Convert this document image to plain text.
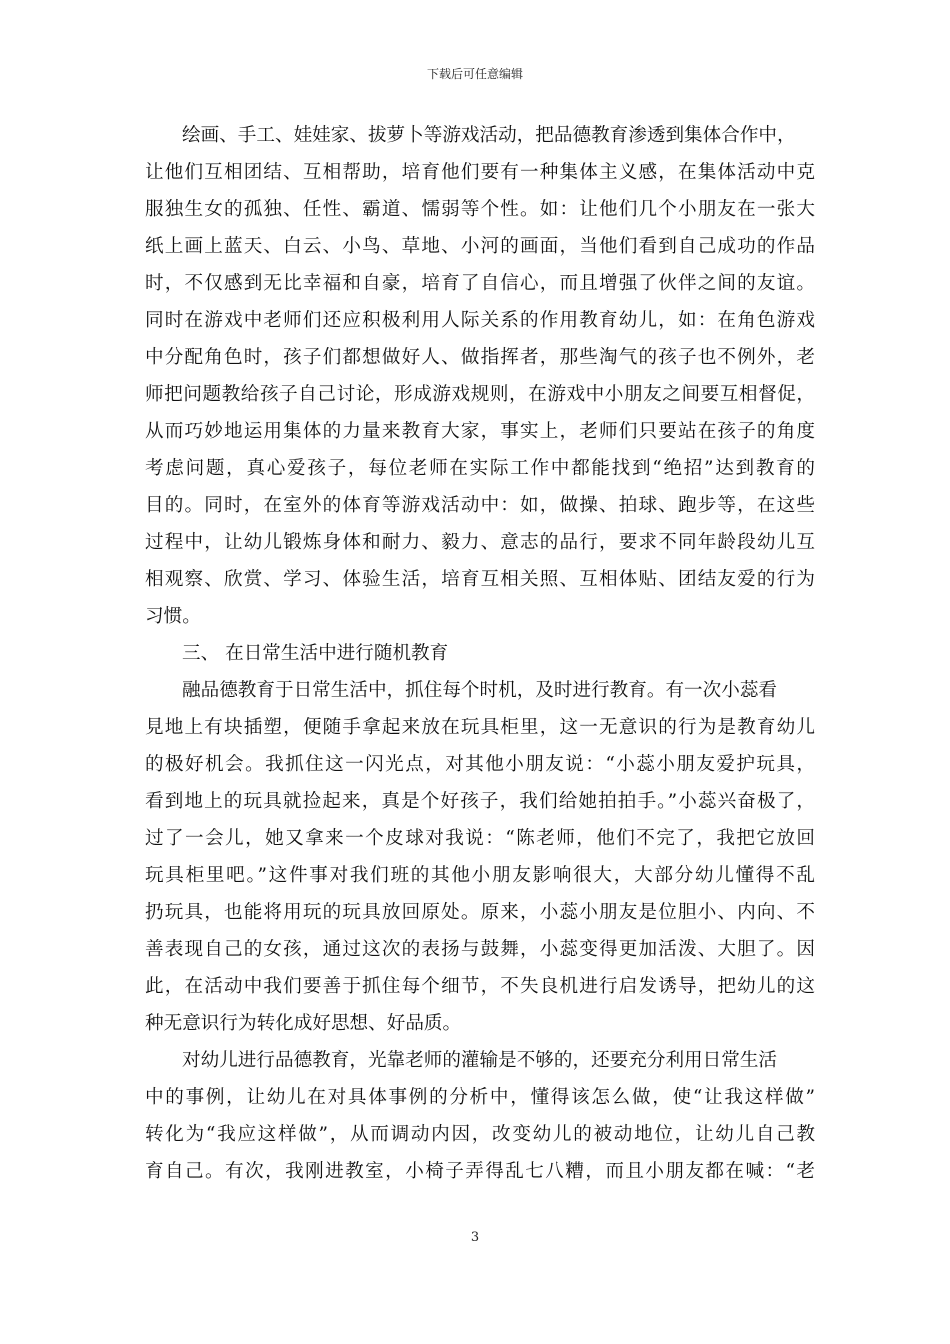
下载后可任意编辑
绘画、手工、娃娃家、拔萝卜等游戏活动，把品德教育渗透到集体合作中，
让他们互相团结、互相帮助，培育他们要有一种集体主义感，在集体活动中克
服独生女的孤独、任性、霸道、懦弱等个性。如：让他们几个小朋友在一张大
纸上画上蓝天、白云、小鸟、草地、小河的画面，当他们看到自己成功的作品
时，不仅感到无比幸福和自豪，培育了自信心，而且增强了伙伴之间的友谊。
同时在游戏中老师们还应积极利用人际关系的作用教育幼儿，如：在角色游戏
中分配角色时，孩子们都想做好人、做指挥者，那些淘气的孩子也不例外，老
师把问题教给孩子自己讨论，形成游戏规则，在游戏中小朋友之间要互相督促，
从而巧妙地运用集体的力量来教育大家，事实上，老师们只要站在孩子的角度
考虑问题，真心爱孩子，每位老师在实际工作中都能找到“绝招”达到教育的
目的。同时，在室外的体育等游戏活动中：如，做操、拍球、跑步等，在这些
过程中，让幼儿锻炼身体和耐力、毅力、意志的品行，要求不同年龄段幼儿互
相观察、欣赏、学习、体验生活，培育互相关照、互相体贴、团结友爱的行为
习惯。
三、 在日常生活中进行随机教育
融品德教育于日常生活中，抓住每个时机，及时进行教育。有一次小蕊看
見地上有块插塑，便随手拿起来放在玩具柜里，这一无意识的行为是教育幼儿
的极好机会。我抓住这一闪光点，对其他小朋友说：“小蕊小朋友爱护玩具，
看到地上的玩具就捡起来，真是个好孩子，我们给她拍拍手。”小蕊兴奋极了，
过了一会儿，她又拿来一个皮球对我说：“陈老师，他们不完了，我把它放回
玩具柜里吧。”这件事对我们班的其他小朋友影响很大，大部分幼儿懂得不乱
扔玩具，也能将用玩的玩具放回原处。原来，小蕊小朋友是位胆小、内向、不
善表现自己的女孩，通过这次的表扬与鼓舞，小蕊变得更加活泼、大胆了。因
此，在活动中我们要善于抓住每个细节，不失良机进行启发诱导，把幼儿的这
种无意识行为转化成好思想、好品质。
对幼儿进行品德教育，光靠老师的灌输是不够的，还要充分利用日常生活
中的事例，让幼儿在对具体事例的分析中，懂得该怎么做，使“让我这样做”
转化为“我应这样做”，从而调动内因，改变幼儿的被动地位，让幼儿自己教
育自己。有次，我刚进教室，小椅子弄得乱七八糟，而且小朋友都在喊：“老
3
